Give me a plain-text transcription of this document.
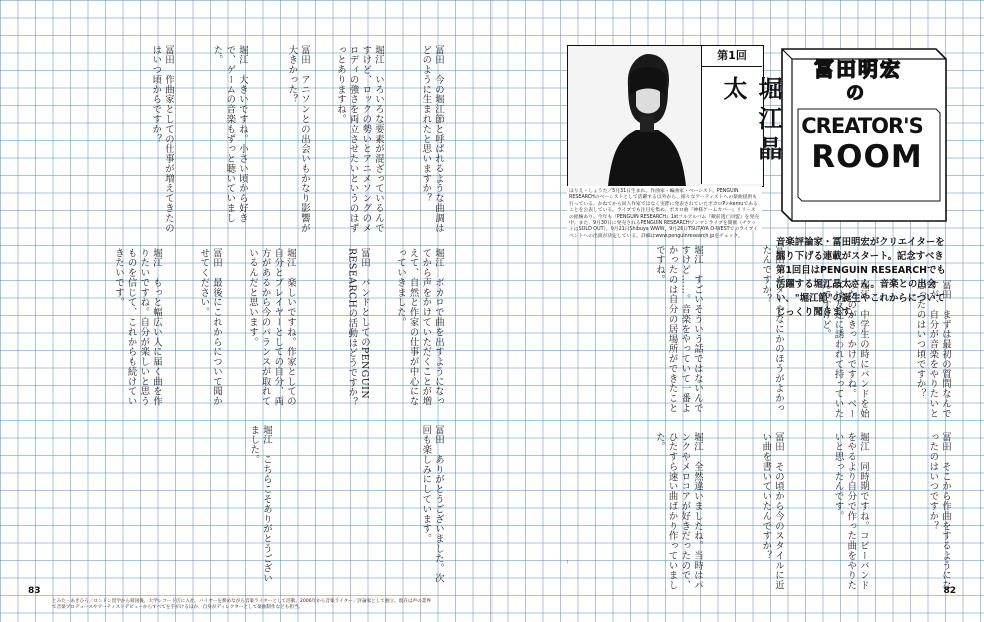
冨田　今の堀江節と呼ばれるような曲調はどのように生まれたと思いますか？
堀江　いろいろな要素が混ざっているんですけど、ロックの勢いとアニメソングのメロディの強さを両立させたいというのはずっとありますね。
冨田　アニソンとの出会いもかなり影響が大きかった？
堀江　大きいですね。小さい頃から好きで、ゲームの音楽もずっと聴いていました。
冨田　作曲家としての仕事が増えてきたのはいつ頃からですか？
堀江　ボカロで曲を出すようになってから声をかけていただくことが増えて、自然と作家の仕事が中心になっていきました。
冨田　バンドとしてのPENGUIN RESEARCHの活動はどうですか？
堀江　楽しいですね。作家としての自分とプレイヤーとしての自分、両方があるから今のバランスが取れているんだと思います。
冨田　最後にこれからについて聞かせてください。
堀江　もっと幅広い人に届く曲を作りたいですね。自分が楽しいと思うものを信じて、これからも続けていきたいです。
冨田　ありがとうございました。次回も楽しみにしています。
堀江　こちらこそありがとうございました。
第1回
堀江晶太
ほりえ・しょうた／5月31日生まれ。作曲家・編曲家・ベーシスト。PENGUIN RESEARCHのベーシストとして活躍する以外から、様々なアーティストへの楽曲提供も行っている。かねてから同人作家ではなく実際に発表されていたボカロPのkemuであることを公表している。ライブでも注目を集め、ボカロ曲『神様ゲームカバー』リリースの経験あり。今年も『PENGUIN RESEARCH』1stフルアルバム『敵前逃亡同盟』を発売中。また、9月30日に発売されるPENGUIN RESEARCHワンマンライブを開催（チケットはSOLD OUT）。9月21日Shibuya WWW、9月26日TSUTAYA O-WESTでのライブイベントへの出演が決定している。詳細はwww.penguinresearch.jpをチェック。
冨田明宏
の
CREATOR'S
ROOM
音楽評論家・冨田明宏がクリエイターを掘り下げる連載がスタート。記念すべき第1回目はPENGUIN RESEARCHでも活躍する堀江晶太さん。音楽との出会い、"堀江節"の誕生やこれからについてじっくり聞きます。	冨田　まずは最初の質問なんですが、自分が音楽をやりたいと思ったのはいつ頃ですか？
堀江　中学生の時にバンドを始めたのがきっかけですね。ベースは友達に誘われて持っていたんですけど。
冨田　ギターやなにかのほうがよかったんですか？
堀江　すごいそういう話ではないんですけど……。音楽をやっていて一番よかったのは自分の居場所ができたことですね。
冨田　そこから作曲をするようになったのはいつですか？
堀江　同時期ですね。コピーバンドをやるより自分で作った曲をやりたいと思ったんです。
冨田　その頃から今のスタイルに近い曲を書いていたんですか？
堀江　全然違いましたね。当時はパンクやメロコアが好きだったので、ひたすら速い曲ばかり作っていました。
とみた・あきひろ／ロンドン留学から帰国後、大学レコード店に入社。バイヤーを務めながら音楽ライターとして活動。2006年から音楽ライター／評論家として独立。現在は声の業界で音楽プロデュースやアーティストデビューからすべてを手がけるほか、自身がディレクターとして楽曲制作なども担当。
83	82
